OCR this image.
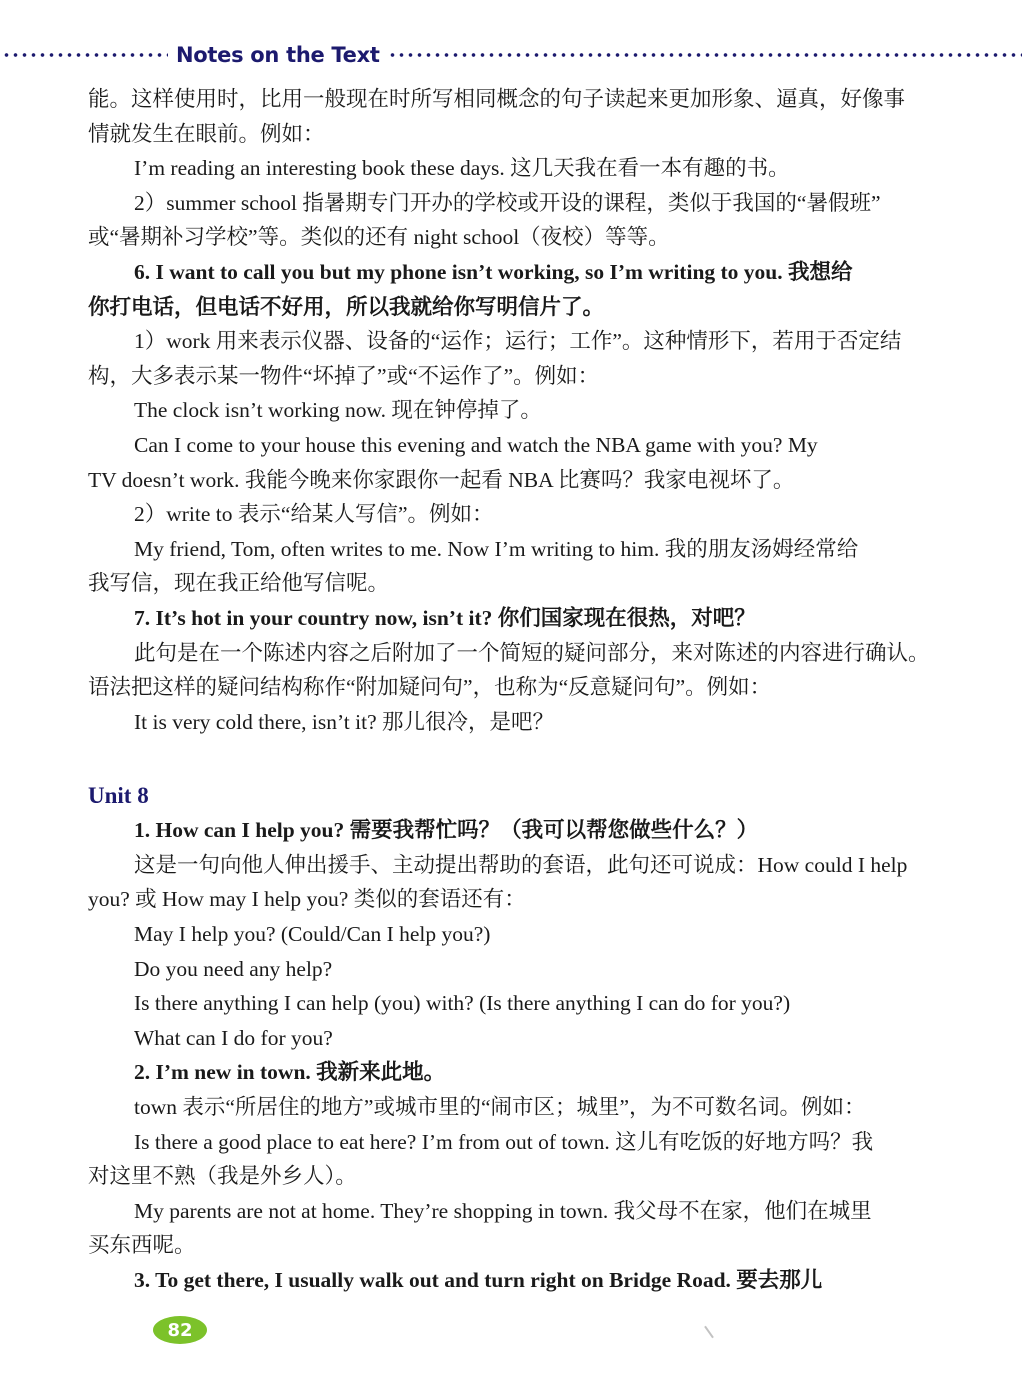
Notes on the Text
能。这样使用时，比用一般现在时所写相同概念的句子读起来更加形象、逼真，好像事
情就发生在眼前。例如：
I’m reading an interesting book these days. 这几天我在看一本有趣的书。
2）summer school 指暑期专门开办的学校或开设的课程，类似于我国的“暑假班”
或“暑期补习学校”等。类似的还有 night school（夜校）等等。
6. I want to call you but my phone isn’t working, so I’m writing to you. 我想给
你打电话，但电话不好用，所以我就给你写明信片了。
1）work 用来表示仪器、设备的“运作；运行；工作”。这种情形下，若用于否定结
构，大多表示某一物件“坏掉了”或“不运作了”。例如：
The clock isn’t working now. 现在钟停掉了。
Can I come to your house this evening and watch the NBA game with you? My
TV doesn’t work. 我能今晚来你家跟你一起看 NBA 比赛吗？我家电视坏了。
2）write to 表示“给某人写信”。例如：
My friend, Tom, often writes to me. Now I’m writing to him. 我的朋友汤姆经常给
我写信，现在我正给他写信呢。
7. It’s hot in your country now, isn’t it? 你们国家现在很热，对吧？
此句是在一个陈述内容之后附加了一个简短的疑问部分，来对陈述的内容进行确认。
语法把这样的疑问结构称作“附加疑问句”，也称为“反意疑问句”。例如：
It is very cold there, isn’t it? 那儿很冷，是吧？
Unit 8
1. How can I help you? 需要我帮忙吗？（我可以帮您做些什么？）
这是一句向他人伸出援手、主动提出帮助的套语，此句还可说成：How could I help
you? 或 How may I help you? 类似的套语还有：
May I help you? (Could/Can I help you?)
Do you need any help?
Is there anything I can help (you) with? (Is there anything I can do for you?)
What can I do for you?
2. I’m new in town. 我新来此地。
town 表示“所居住的地方”或城市里的“闹市区；城里”，为不可数名词。例如：
Is there a good place to eat here? I’m from out of town. 这儿有吃饭的好地方吗？我
对这里不熟（我是外乡人）。
My parents are not at home. They’re shopping in town. 我父母不在家，他们在城里
买东西呢。
3. To get there, I usually walk out and turn right on Bridge Road. 要去那儿
82
